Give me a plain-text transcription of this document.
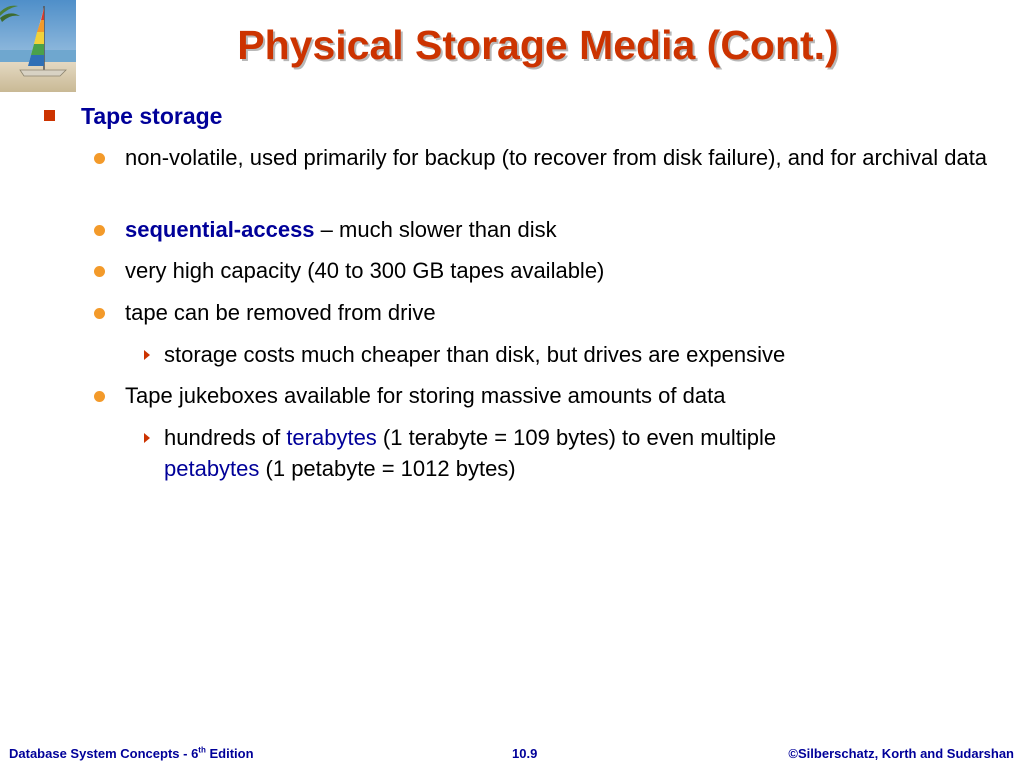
Physical Storage Media (Cont.)
Tape storage
non-volatile, used primarily for backup (to recover from disk failure), and for archival data
sequential-access – much slower than disk
very high capacity (40 to 300 GB tapes available)
tape can be removed from drive
storage costs much cheaper than disk, but drives are expensive
Tape jukeboxes available for storing massive amounts of data
hundreds of terabytes (1 terabyte = 109 bytes) to even multiple
petabytes (1 petabyte = 1012 bytes)
Database System Concepts - 6th Edition	10.9	©Silberschatz, Korth and Sudarshan
